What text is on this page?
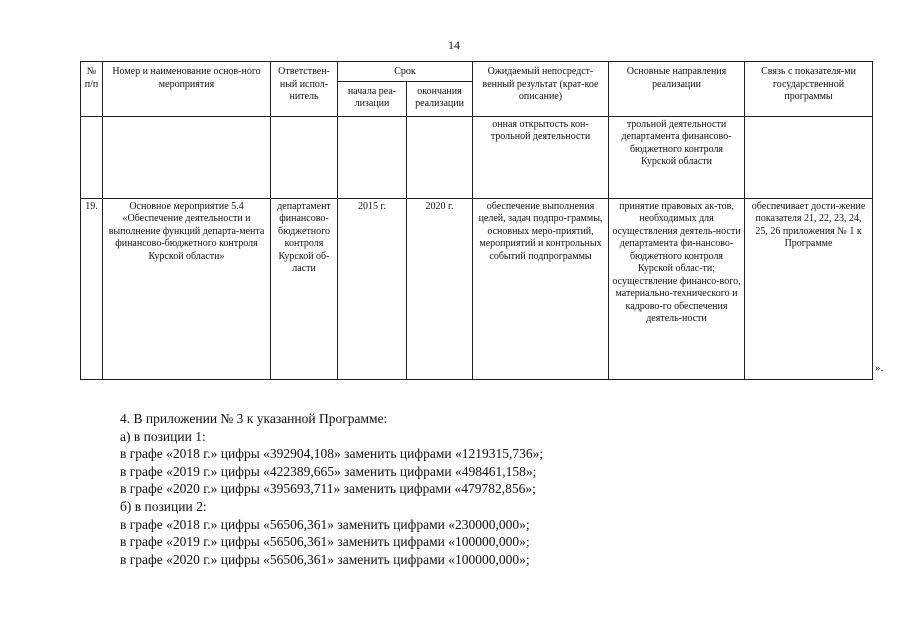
14
№ п/п	Номер и наименование основ-ного мероприятия	Ответствен-ный испол-нитель	Срок		Ожидаемый непосредст-венный результат (крат-кое описание)	Основные направления реализации	Связь с показателя-ми государственной программы
			начала реа-лизации	окончания реализации			
					онная открытость кон-трольной деятельности	трольной деятельности департамента финансово-бюджетного контроля Курской области	
19.	Основное мероприятие 5.4 «Обеспечение деятельности и выполнение функций департа-мента финансово-бюджетного контроля Курской области»	департамент финансово-бюджетного контроля Курской об-ласти	2015 г.	2020 г.	обеспечение выполнения целей, задач подпро-граммы, основных меро-приятий, мероприятий и контрольных событий подпрограммы	принятие правовых ак-тов, необходимых для осуществления деятель-ности департамента фи-нансово-бюджетного контроля Курской облас-ти; осуществление финансо-вого, материально-технического и кадрово-го обеспечения деятель-ности	обеспечивает дости-жение показателя 21, 22, 23, 24, 25, 26 приложения № 1 к Программе
».
4. В приложении № 3 к указанной Программе:
а) в позиции 1:
в графе «2018 г.» цифры «392904,108» заменить цифрами «1219315,736»;
в графе «2019 г.» цифры «422389,665» заменить цифрами «498461,158»;
в графе «2020 г.» цифры «395693,711» заменить цифрами «479782,856»;
б) в позиции 2:
в графе «2018 г.» цифры «56506,361» заменить цифрами «230000,000»;
в графе «2019 г.» цифры «56506,361» заменить цифрами «100000,000»;
в графе «2020 г.» цифры «56506,361» заменить цифрами «100000,000»;
